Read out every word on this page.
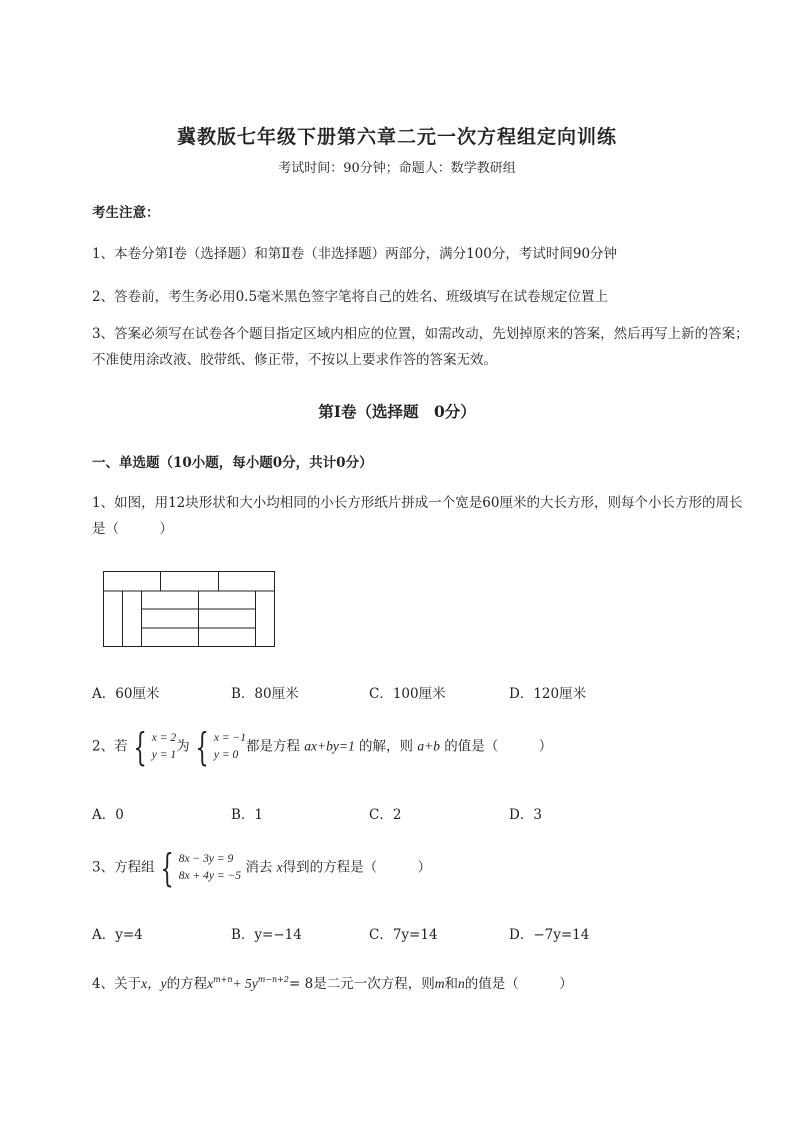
冀教版七年级下册第六章二元一次方程组定向训练
考试时间：90分钟；命题人：数学教研组
考生注意：
1、本卷分第I卷（选择题）和第Ⅱ卷（非选择题）两部分，满分100分，考试时间90分钟
2、答卷前，考生务必用0.5毫米黑色签字笔将自己的姓名、班级填写在试卷规定位置上
3、答案必须写在试卷各个题目指定区域内相应的位置，如需改动，先划掉原来的答案，然后再写上新的答案；不准使用涂改液、胶带纸、修正带，不按以上要求作答的答案无效。
第I卷（选择题　0分）
一、单选题（10小题，每小题0分，共计0分）
1、如图，用12块形状和大小均相同的小长方形纸片拼成一个宽是60厘米的大长方形，则每个小长方形的周长是（　　　）
A．60厘米	B．80厘米	C．100厘米	D．120厘米
2、若 { x = 2
y = 1为 { x = −1
y = 0都是方程 ax+by=1 的解，则 a+b 的值是（　　　）
A．0	B．1	C．2	D．3
3、方程组 { 8x − 3y = 9
8x + 4y = −5 消去 x得到的方程是（　　　）
A．y=4	B．y=−14	C．7y=14	D．−7y=14
4、关于x，y的方程$x^{m+n}+ 5y^{m-n+2}= 8$是二元一次方程，则m和n的值是（　　　）
